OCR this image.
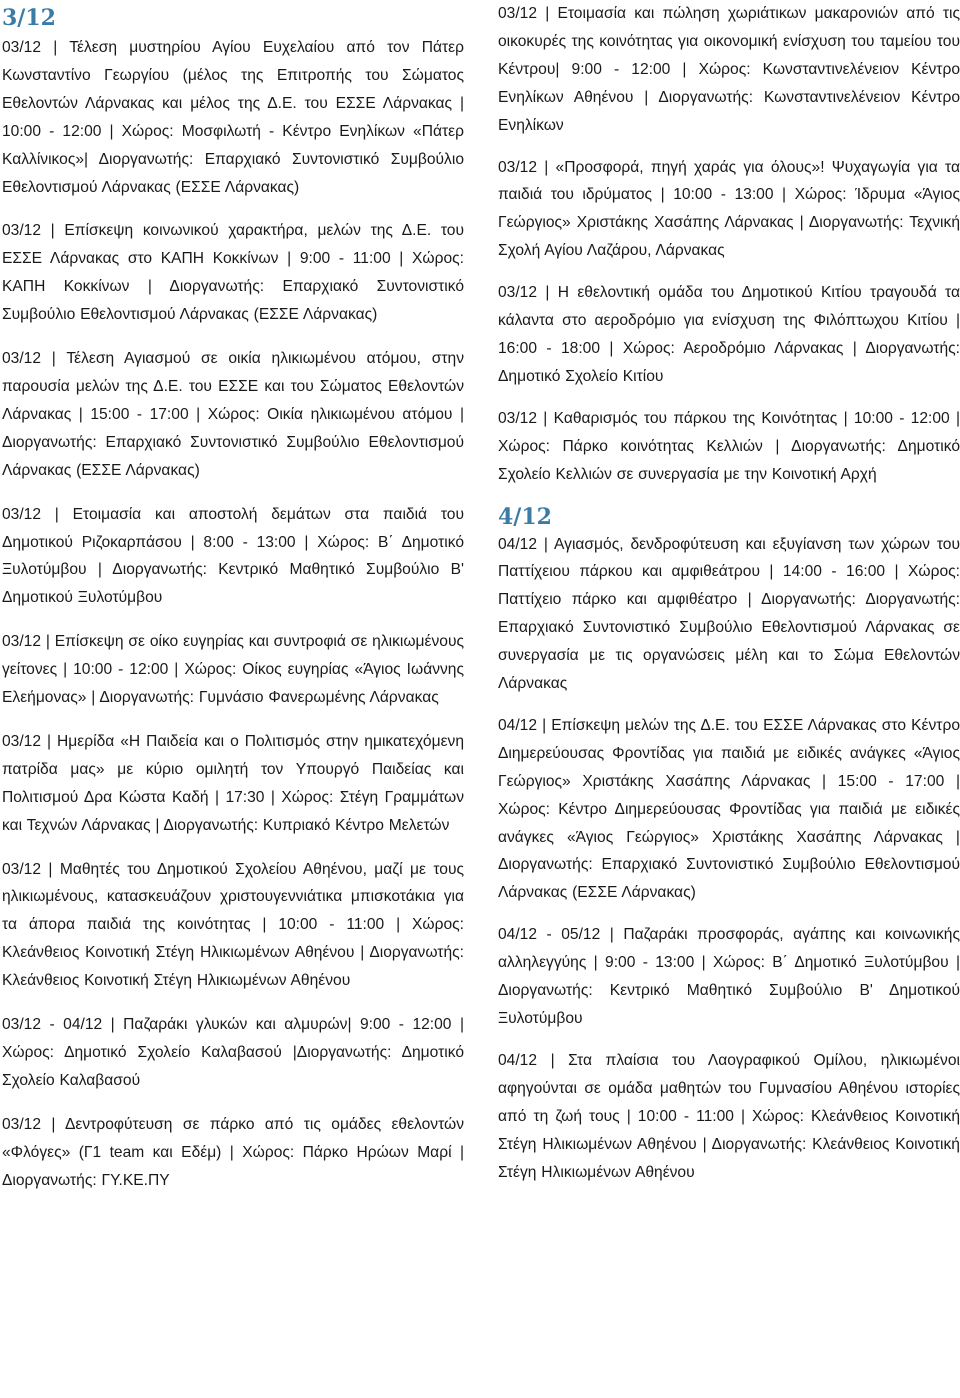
3/12

03/12 | Τέλεση μυστηρίου Αγίου Ευχελαίου από τον Πάτερ Κωνσταντίνο Γεωργίου (μέλος της Επιτροπής του Σώματος Εθελοντών Λάρνακας και μέλος της Δ.Ε. του ΕΣΣΕ Λάρνακας | 10:00 - 12:00 | Χώρος: Μοσφιλωτή - Κέντρο Ενηλίκων «Πάτερ Καλλίνικος»| Διοργανωτής: Επαρχιακό Συντονιστικό Συμβούλιο Εθελοντισμού Λάρνακας (ΕΣΣΕ Λάρνακας)

03/12 | Επίσκεψη κοινωνικού χαρακτήρα, μελών της Δ.Ε. του ΕΣΣΕ Λάρνακας στο ΚΑΠΗ Κοκκίνων | 9:00 - 11:00 | Χώρος: ΚΑΠΗ Κοκκίνων | Διοργανωτής: Επαρχιακό Συντονιστικό Συμβούλιο Εθελοντισμού Λάρνακας (ΕΣΣΕ Λάρνακας)

03/12 | Τέλεση Αγιασμού σε οικία ηλικιωμένου ατόμου, στην παρουσία μελών της Δ.Ε. του ΕΣΣΕ και του Σώματος Εθελοντών Λάρνακας | 15:00 - 17:00 | Χώρος: Οικία ηλικιωμένου ατόμου | Διοργανωτής: Επαρχιακό Συντονιστικό Συμβούλιο Εθελοντισμού Λάρνακας (ΕΣΣΕ Λάρνακας)

03/12 | Ετοιμασία και αποστολή δεμάτων στα παιδιά του Δημοτικού Ριζοκαρπάσου | 8:00 - 13:00 | Χώρος: Β΄ Δημοτικό Ξυλοτύμβου | Διοργανωτής: Κεντρικό Μαθητικό Συμβούλιο Β' Δημοτικού Ξυλοτύμβου

03/12 | Επίσκεψη σε οίκο ευγηρίας και συντροφιά σε ηλικιωμένους γείτονες | 10:00 - 12:00 | Χώρος: Οίκος ευγηρίας «Άγιος Ιωάννης Ελεήμονας» | Διοργανωτής: Γυμνάσιο Φανερωμένης Λάρνακας

03/12 | Ημερίδα «Η Παιδεία και ο Πολιτισμός στην ημικατεχόμενη πατρίδα μας» με κύριο ομιλητή τον Υπουργό Παιδείας και Πολιτισμού Δρα Κώστα Καδή | 17:30 | Χώρος: Στέγη Γραμμάτων και Τεχνών Λάρνακας | Διοργανωτής: Κυπριακό Κέντρο Μελετών

03/12 | Μαθητές του Δημοτικού Σχολείου Αθηένου, μαζί με τους ηλικιωμένους, κατασκευάζουν χριστουγεννιάτικα μπισκοτάκια για τα άπορα παιδιά της κοινότητας | 10:00 - 11:00 | Χώρος: Κλεάνθειος Κοινοτική Στέγη Ηλικιωμένων Αθηένου | Διοργανωτής: Κλεάνθειος Κοινοτική Στέγη Ηλικιωμένων Αθηένου

03/12 - 04/12 | Παζαράκι γλυκών και αλμυρών| 9:00 - 12:00 | Χώρος: Δημοτικό Σχολείο Καλαβασού |Διοργανωτής: Δημοτικό Σχολείο Καλαβασού

03/12 | Δεντροφύτευση σε πάρκο από τις ομάδες εθελοντών «Φλόγες» (Γ1 team και Εδέμ) | Χώρος: Πάρκο Ηρώων Μαρί | Διοργανωτής: ΓΥ.ΚΕ.ΠΥ

03/12 | Ετοιμασία και πώληση χωριάτικων μακαρονιών από τις οικοκυρές της κοινότητας για οικονομική ενίσχυση του ταμείου του Κέντρου| 9:00 - 12:00 | Χώρος: Κωνσταντινελένειον Κέντρο Ενηλίκων Αθηένου | Διοργανωτής: Κωνσταντινελένειον Κέντρο Ενηλίκων

03/12 | «Προσφορά, πηγή χαράς για όλους»! Ψυχαγωγία για τα παιδιά του ιδρύματος | 10:00 - 13:00 | Χώρος: Ίδρυμα «Άγιος Γεώργιος» Χριστάκης Χασάπης Λάρνακας | Διοργανωτής: Τεχνική Σχολή Αγίου Λαζάρου, Λάρνακας

03/12 | Η εθελοντική ομάδα του Δημοτικού Κιτίου τραγουδά τα κάλαντα στο αεροδρόμιο για ενίσχυση της Φιλόπτωχου Κιτίου | 16:00 - 18:00 | Χώρος: Αεροδρόμιο Λάρνακας | Διοργανωτής: Δημοτικό Σχολείο Κιτίου

03/12 | Καθαρισμός του πάρκου της Κοινότητας | 10:00 - 12:00 | Χώρος: Πάρκο κοινότητας Κελλιών | Διοργανωτής: Δημοτικό Σχολείο Κελλιών σε συνεργασία με την Κοινοτική Αρχή

4/12

04/12 | Αγιασμός, δενδροφύτευση και εξυγίανση των χώρων του Παττίχειου πάρκου και αμφιθεάτρου | 14:00 - 16:00 | Χώρος: Παττίχειο πάρκο και αμφιθέατρο | Διοργανωτής: Διοργανωτής: Επαρχιακό Συντονιστικό Συμβούλιο Εθελοντισμού Λάρνακας σε συνεργασία με τις οργανώσεις μέλη και το Σώμα Εθελοντών Λάρνακας

04/12 | Επίσκεψη μελών της Δ.Ε. του ΕΣΣΕ Λάρνακας στο Κέντρο Διημερεύουσας Φροντίδας για παιδιά με ειδικές ανάγκες «Άγιος Γεώργιος» Χριστάκης Χασάπης Λάρνακας | 15:00 - 17:00 | Χώρος: Κέντρο Διημερεύουσας Φροντίδας για παιδιά με ειδικές ανάγκες «Άγιος Γεώργιος» Χριστάκης Χασάπης Λάρνακας | Διοργανωτής: Επαρχιακό Συντονιστικό Συμβούλιο Εθελοντισμού Λάρνακας (ΕΣΣΕ Λάρνακας)

04/12 - 05/12 | Παζαράκι προσφοράς, αγάπης και κοινωνικής αλληλεγγύης | 9:00 - 13:00 | Χώρος: Β΄ Δημοτικό Ξυλοτύμβου | Διοργανωτής: Κεντρικό Μαθητικό Συμβούλιο Β' Δημοτικού Ξυλοτύμβου

04/12 | Στα πλαίσια του Λαογραφικού Ομίλου, ηλικιωμένοι αφηγούνται σε ομάδα μαθητών του Γυμνασίου Αθηένου ιστορίες από τη ζωή τους | 10:00 - 11:00 | Χώρος: Κλεάνθειος Κοινοτική Στέγη Ηλικιωμένων Αθηένου | Διοργανωτής: Κλεάνθειος Κοινοτική Στέγη Ηλικιωμένων Αθηένου
